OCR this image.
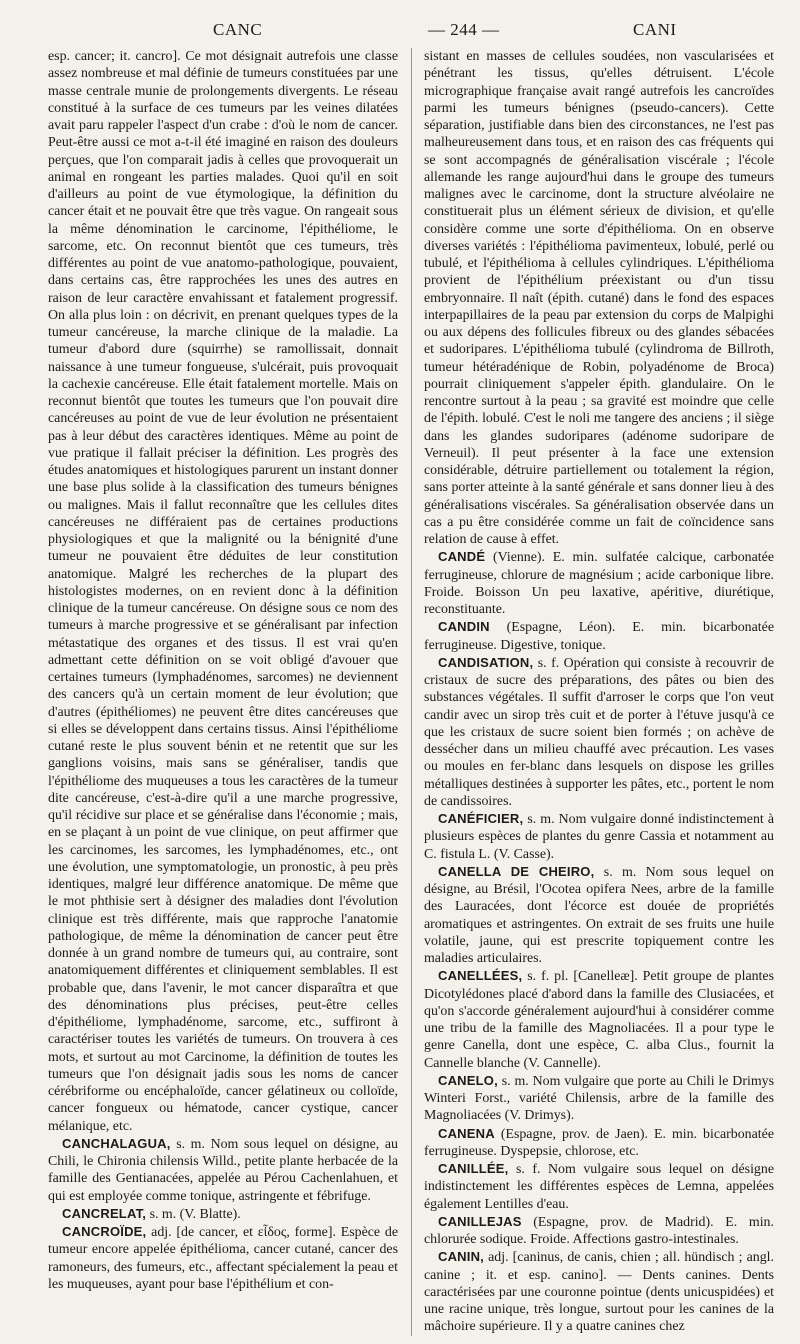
CANC	— 244 —	CANI

esp. cancer; it. cancro]. Ce mot désignait autrefois une classe assez nombreuse et mal définie de tumeurs constituées par une masse centrale munie de prolongements divergents. Le réseau constitué à la surface de ces tumeurs par les veines dilatées avait paru rappeler l'aspect d'un crabe : d'où le nom de cancer. Peut-être aussi ce mot a-t-il été imaginé en raison des douleurs perçues, que l'on comparait jadis à celles que provoquerait un animal en rongeant les parties malades. Quoi qu'il en soit d'ailleurs au point de vue étymologique, la définition du cancer était et ne pouvait être que très vague. On rangeait sous la même dénomination le carcinome, l'épithéliome, le sarcome, etc. On reconnut bientôt que ces tumeurs, très différentes au point de vue anatomo-pathologique, pouvaient, dans certains cas, être rapprochées les unes des autres en raison de leur caractère envahissant et fatalement progressif. On alla plus loin : on décrivit, en prenant quelques types de la tumeur cancéreuse, la marche clinique de la maladie. La tumeur d'abord dure (squirrhe) se ramollissait, donnait naissance à une tumeur fongueuse, s'ulcérait, puis provoquait la cachexie cancéreuse. Elle était fatalement mortelle. Mais on reconnut bientôt que toutes les tumeurs que l'on pouvait dire cancéreuses au point de vue de leur évolution ne présentaient pas à leur début des caractères identiques. Même au point de vue pratique il fallait préciser la définition. Les progrès des études anatomiques et histologiques parurent un instant donner une base plus solide à la classification des tumeurs bénignes ou malignes. Mais il fallut reconnaître que les cellules dites cancéreuses ne différaient pas de certaines productions physiologiques et que la malignité ou la bénignité d'une tumeur ne pouvaient être déduites de leur constitution anatomique. Malgré les recherches de la plupart des histologistes modernes, on en revient donc à la définition clinique de la tumeur cancéreuse. On désigne sous ce nom des tumeurs à marche progressive et se généralisant par infection métastatique des organes et des tissus. Il est vrai qu'en admettant cette définition on se voit obligé d'avouer que certaines tumeurs (lymphadénomes, sarcomes) ne deviennent des cancers qu'à un certain moment de leur évolution; que d'autres (épithéliomes) ne peuvent être dites cancéreuses que si elles se développent dans certains tissus. Ainsi l'épithéliome cutané reste le plus souvent bénin et ne retentit que sur les ganglions voisins, mais sans se généraliser, tandis que l'épithéliome des muqueuses a tous les caractères de la tumeur dite cancéreuse, c'est-à-dire qu'il a une marche progressive, qu'il récidive sur place et se généralise dans l'économie ; mais, en se plaçant à un point de vue clinique, on peut affirmer que les carcinomes, les sarcomes, les lymphadénomes, etc., ont une évolution, une symptomatologie, un pronostic, à peu près identiques, malgré leur différence anatomique. De même que le mot phthisie sert à désigner des maladies dont l'évolution clinique est très différente, mais que rapproche l'anatomie pathologique, de même la dénomination de cancer peut être donnée à un grand nombre de tumeurs qui, au contraire, sont anatomiquement différentes et cliniquement semblables. Il est probable que, dans l'avenir, le mot cancer disparaîtra et que des dénominations plus précises, peut-être celles d'épithéliome, lymphadénome, sarcome, etc., suffiront à caractériser toutes les variétés de tumeurs. On trouvera à ces mots, et surtout au mot Carcinome, la définition de toutes les tumeurs que l'on désignait jadis sous les noms de cancer cérébriforme ou encéphaloïde, cancer gélatineux ou colloïde, cancer fongueux ou hématode, cancer cystique, cancer mélanique, etc.

CANCHALAGUA, s. m. Nom sous lequel on désigne, au Chili, le Chironia chilensis Willd., petite plante herbacée de la famille des Gentianacées, appelée au Pérou Cachenlahuen, et qui est employée comme tonique, astringente et fébrifuge.

CANCRELAT, s. m. (V. Blatte).

CANCROÏDE, adj. [de cancer, et εἶδος, forme]. Espèce de tumeur encore appelée épithélioma, cancer cutané, cancer des ramoneurs, des fumeurs, etc., affectant spécialement la peau et les muqueuses, ayant pour base l'épithélium et con-

sistant en masses de cellules soudées, non vascularisées et pénétrant les tissus, qu'elles détruisent. L'école micrographique française avait rangé autrefois les cancroïdes parmi les tumeurs bénignes (pseudo-cancers). Cette séparation, justifiable dans bien des circonstances, ne l'est pas malheureusement dans tous, et en raison des cas fréquents qui se sont accompagnés de généralisation viscérale ; l'école allemande les range aujourd'hui dans le groupe des tumeurs malignes avec le carcinome, dont la structure alvéolaire ne constituerait plus un élément sérieux de division, et qu'elle considère comme une sorte d'épithélioma. On en observe diverses variétés : l'épithélioma pavimenteux, lobulé, perlé ou tubulé, et l'épithélioma à cellules cylindriques. L'épithélioma provient de l'épithélium préexistant ou d'un tissu embryonnaire. Il naît (épith. cutané) dans le fond des espaces interpapillaires de la peau par extension du corps de Malpighi ou aux dépens des follicules fibreux ou des glandes sébacées et sudoripares. L'épithélioma tubulé (cylindroma de Billroth, tumeur hétéradénique de Robin, polyadénome de Broca) pourrait cliniquement s'appeler épith. glandulaire. On le rencontre surtout à la peau ; sa gravité est moindre que celle de l'épith. lobulé. C'est le noli me tangere des anciens ; il siège dans les glandes sudoripares (adénome sudoripare de Verneuil). Il peut présenter à la face une extension considérable, détruire partiellement ou totalement la région, sans porter atteinte à la santé générale et sans donner lieu à des généralisations viscérales. Sa généralisation observée dans un cas a pu être considérée comme un fait de coïncidence sans relation de cause à effet.

CANDÉ (Vienne). E. min. sulfatée calcique, carbonatée ferrugineuse, chlorure de magnésium ; acide carbonique libre. Froide. Boisson Un peu laxative, apéritive, diurétique, reconstituante.

CANDIN (Espagne, Léon). E. min. bicarbonatée ferrugineuse. Digestive, tonique.

CANDISATION, s. f. Opération qui consiste à recouvrir de cristaux de sucre des préparations, des pâtes ou bien des substances végétales. Il suffit d'arroser le corps que l'on veut candir avec un sirop très cuit et de porter à l'étuve jusqu'à ce que les cristaux de sucre soient bien formés ; on achève de dessécher dans un milieu chauffé avec précaution. Les vases ou moules en fer-blanc dans lesquels on dispose les grilles métalliques destinées à supporter les pâtes, etc., portent le nom de candissoires.

CANÉFICIER, s. m. Nom vulgaire donné indistinctement à plusieurs espèces de plantes du genre Cassia et notamment au C. fistula L. (V. Casse).

CANELLA DE CHEIRO, s. m. Nom sous lequel on désigne, au Brésil, l'Ocotea opifera Nees, arbre de la famille des Lauracées, dont l'écorce est douée de propriétés aromatiques et astringentes. On extrait de ses fruits une huile volatile, jaune, qui est prescrite topiquement contre les maladies articulaires.

CANELLÉES, s. f. pl. [Canelleæ]. Petit groupe de plantes Dicotylédones placé d'abord dans la famille des Clusiacées, et qu'on s'accorde généralement aujourd'hui à considérer comme une tribu de la famille des Magnoliacées. Il a pour type le genre Canella, dont une espèce, C. alba Clus., fournit la Cannelle blanche (V. Cannelle).

CANELO, s. m. Nom vulgaire que porte au Chili le Drimys Winteri Forst., variété Chilensis, arbre de la famille des Magnoliacées (V. Drimys).

CANENA (Espagne, prov. de Jaen). E. min. bicarbonatée ferrugineuse. Dyspepsie, chlorose, etc.

CANILLÉE, s. f. Nom vulgaire sous lequel on désigne indistinctement les différentes espèces de Lemna, appelées également Lentilles d'eau.

CANILLEJAS (Espagne, prov. de Madrid). E. min. chlorurée sodique. Froide. Affections gastro-intestinales.

CANIN, adj. [caninus, de canis, chien ; all. hündisch ; angl. canine ; it. et esp. canino]. — Dents canines. Dents caractérisées par une couronne pointue (dents unicuspidées) et une racine unique, très longue, surtout pour les canines de la mâchoire supérieure. Il y a quatre canines chez
